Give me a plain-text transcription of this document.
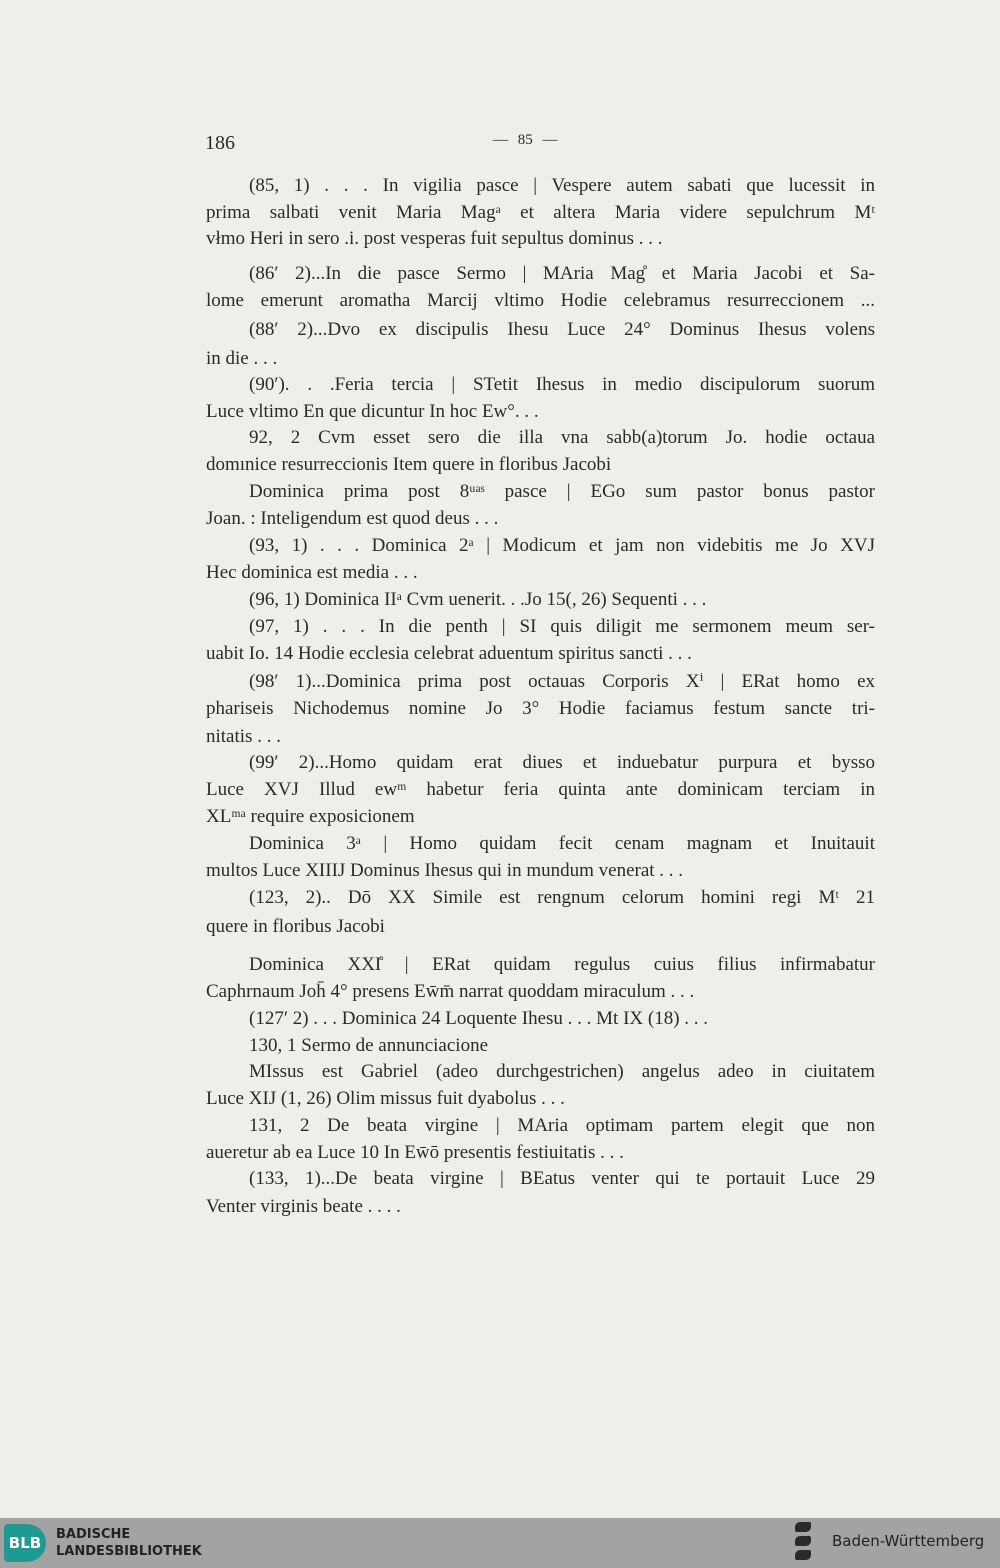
186	— 85 —
(85, 1) . . . In vigilia pasce | Vespere autem sabati que lucessit in
prima salbati venit Maria Magᵃ et altera Maria videre sepulchrum Mᵗ
vłmo Heri in sero .i. post vesperas fuit sepultus dominus . . .
(86′ 2)...In die pasce Sermo | MAria Mag̊ et Maria Jacobi et Sa-
lome emerunt aromatha Marcij vltimo Hodie celebramus resurreccionem ...
(88′ 2)...Dvo ex discipulis Ihesu Luce 24° Dominus Ihesus volens
in die . . .
(90′). . .Feria tercia | STetit Ihesus in medio discipulorum suorum
Luce vltimo En que dicuntur In hoc Ew°. . .
92, 2 Cvm esset sero die illa vna sabb(a)torum Jo. hodie octaua
domınice resurreccionis Item quere in floribus Jacobi
Dominica prima post 8ᵘᵃˢ pasce | EGo sum pastor bonus pastor
Joan. : Inteligendum est quod deus . . .
(93, 1) . . . Dominica 2ᵃ | Modicum et jam non videbitis me Jo XVJ
Hec dominica est media . . .
(96, 1) Dominica IIᵃ Cvm uenerit. . .Jo 15(, 26) Sequenti . . .
(97, 1) . . . In die penth | SI quis diligit me sermonem meum ser-
uabit Io. 14 Hodie ecclesia celebrat aduentum spiritus sancti . . .
(98′ 1)...Dominica prima post octauas Corporis Xⁱ | ERat homo ex
phariseis Nichodemus nomine Jo 3° Hodie faciamus festum sancte tri-
nitatis . . .
(99′ 2)...Homo quidam erat diues et induebatur purpura et bysso
Luce XVJ Illud ewᵐ habetur feria quinta ante dominicam terciam in
XLᵐᵃ require exposicionem
Dominica 3ᵃ | Homo quidam fecit cenam magnam et Inuitauit
multos Luce XIIIJ Dominus Ihesus qui in mundum venerat . . .
(123, 2).. Dō XX Simile est rengnum celorum homini regi Mᵗ 21
quere in floribus Jacobi
Dominica XXI̊ | ERat quidam regulus cuius filius infirmabatur
Caphrnaum Joh̄ 4° presens Ew̄m̄ narrat quoddam miraculum . . .
(127′ 2) . . . Dominica 24 Loquente Ihesu . . . Mt IX (18) . . .
130, 1 Sermo de annunciacione
MIssus est Gabriel (adeo durchgestrichen) angelus adeo in ciuitatem
Luce XIJ (1, 26) Olim missus fuit dyabolus . . .
131, 2 De beata virgine | MAria optimam partem elegit que non
aueretur ab ea Luce 10 In Ew̄ō presentis festiuitatis . . .
(133, 1)...De beata virgine | BEatus venter qui te portauit Luce 29
Venter virginis beate . . . .
BLB	BADISCHE
LANDESBIBLIOTHEK
Baden-Württemberg
